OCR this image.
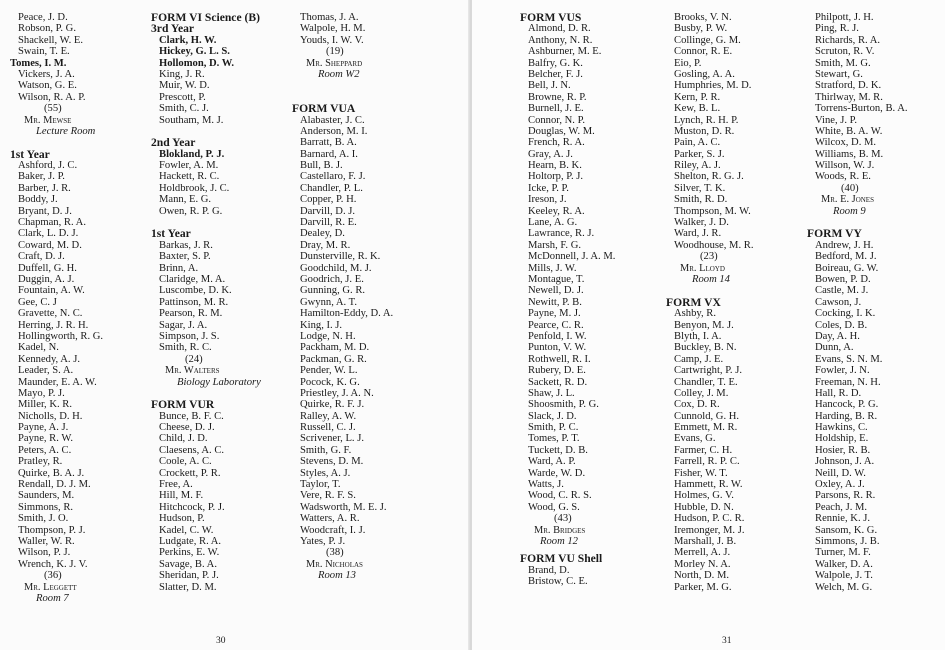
Peace, J. D.
Robson, P. G.
Shackell, W. E.
Swain, T. E.
Tomes, I. M.
Vickers, J. A.
Watson, G. E.
Wilson, R. A. P.
(55)
Mr. Mewse
Lecture Room
1st Year
Ashford, J. C.
Baker, J. P.
Barber, J. R.
Boddy, J.
Bryant, D. J.
Chapman, R. A.
Clark, L. D. J.
Coward, M. D.
Craft, D. J.
Duffell, G. H.
Duggin, A. J.
Fountain, A. W.
Gee, C. J
Gravette, N. C.
Herring, J. R. H.
Hollingworth, R. G.
Kadel, N.
Kennedy, A. J.
Leader, S. A.
Maunder, E. A. W.
Mayo, P. J.
Miller, K. R.
Nicholls, D. H.
Payne, A. J.
Payne, R. W.
Peters, A. C.
Pratley, R.
Quirke, B. A. J.
Rendall, D. J. M.
Saunders, M.
Simmons, R.
Smith, J. O.
Thompson, P. J.
Waller, W. R.
Wilson, P. J.
Wrench, K. J. V.
(36)
Mr. Leggett
Room 7
FORM VI Science (B)
3rd Year
Clark, H. W.
Hickey, G. L. S.
Hollomon, D. W.
King, J. R.
Muir, W. D.
Prescott, P.
Smith, C. J.
Southam, M. J.
2nd Year
Blokland, P. J.
Fowler, A. M.
Hackett, R. C.
Holdbrook, J. C.
Mann, E. G.
Owen, R. P. G.
1st Year
Barkas, J. R.
Baxter, S. P.
Brinn, A.
Claridge, M. A.
Luscombe, D. K.
Pattinson, M. R.
Pearson, R. M.
Sagar, J. A.
Simpson, J. S.
Smith, R. C.
(24)
Mr. Walters
Biology Laboratory
FORM VUR
Bunce, B. F. C.
Cheese, D. J.
Child, J. D.
Claesens, A. C.
Coole, A. C.
Crockett, P. R.
Free, A.
Hill, M. F.
Hitchcock, P. J.
Hudson, P.
Kadel, C. W.
Ludgate, R. A.
Perkins, E. W.
Savage, B. A.
Sheridan, P. J.
Slatter, D. M.
Thomas, J. A.
Walpole, H. M.
Youds, I. W. V.
(19)
Mr. Sheppard
Room W2
FORM VUA
Alabaster, J. C.
Anderson, M. I.
Barratt, B. A.
Barnard, A. I.
Bull, B. J.
Castellaro, F. J.
Chandler, P. L.
Copper, P. H.
Darvill, D. J.
Darvill, R. E.
Dealey, D.
Dray, M. R.
Dunsterville, R. K.
Goodchild, M. J.
Goodrich, J. E.
Gunning, G. R.
Gwynn, A. T.
Hamilton-Eddy, D. A.
King, I. J.
Lodge, N. H.
Packham, M. D.
Packman, G. R.
Pender, W. L.
Pocock, K. G.
Priestley, J. A. N.
Quirke, R. F. J.
Ralley, A. W.
Russell, C. J.
Scrivener, L. J.
Smith, G. F.
Stevens, D. M.
Styles, A. J.
Taylor, T.
Vere, R. F. S.
Wadsworth, M. E. J.
Watters, A. R.
Woodcraft, I. J.
Yates, P. J.
(38)
Mr. Nicholas
Room 13
30
FORM VUS
Almond, D. R.
Anthony, N. R.
Ashburner, M. E.
Balfry, G. K.
Belcher, F. J.
Bell, J. N.
Browne, R. P.
Burnell, J. E.
Connor, N. P.
Douglas, W. M.
French, R. A.
Gray, A. J.
Hearn, B. K.
Holtorp, P. J.
Icke, P. P.
Ireson, J.
Keeley, R. A.
Lane, A. G.
Lawrance, R. J.
Marsh, F. G.
McDonnell, J. A. M.
Mills, J. W.
Montague, T.
Newell, D. J.
Newitt, P. B.
Payne, M. J.
Pearce, C. R.
Penfold, I. W.
Punton, V. W.
Rothwell, R. I.
Rubery, D. E.
Sackett, R. D.
Shaw, J. L.
Shoosmith, P. G.
Slack, J. D.
Smith, P. C.
Tomes, P. T.
Tuckett, D. B.
Ward, A. P.
Warde, W. D.
Watts, J.
Wood, C. R. S.
Wood, G. S.
(43)
Mr. Bridges
Room 12
FORM VU Shell
Brand, D.
Bristow, C. E.
Brooks, V. N.
Busby, P. W.
Collinge, G. M.
Connor, R. E.
Eio, P.
Gosling, A. A.
Humphries, M. D.
Kern, P. R.
Kew, B. L.
Lynch, R. H. P.
Muston, D. R.
Pain, A. C.
Parker, S. J.
Riley, A. J.
Shelton, R. G. J.
Silver, T. K.
Smith, R. D.
Thompson, M. W.
Walker, J. D.
Ward, J. R.
Woodhouse, M. R.
(23)
Mr. Lloyd
Room 14
FORM VX
Ashby, R.
Benyon, M. J.
Blyth, I. A.
Buckley, B. N.
Camp, J. E.
Cartwright, P. J.
Chandler, T. E.
Colley, J. M.
Cox, D. R.
Cunnold, G. H.
Emmett, M. R.
Evans, G.
Farmer, C. H.
Farrell, R. P. C.
Fisher, W. T.
Hammett, R. W.
Holmes, G. V.
Hubble, D. N.
Hudson, P. C. R.
Iremonger, M. J.
Marshall, J. B.
Merrell, A. J.
Morley N. A.
North, D. M.
Parker, M. G.
Philpott, J. H.
Ping, R. J.
Richards, R. A.
Scruton, R. V.
Smith, M. G.
Stewart, G.
Stratford, D. K.
Thirlway, M. R.
Torrens-Burton, B. A.
Vine, J. P.
White, B. A. W.
Wilcox, D. M.
Williams, B. M.
Willson, W. J.
Woods, R. E.
(40)
Mr. E. Jones
Room 9
FORM VY
Andrew, J. H.
Bedford, M. J.
Boireau, G. W.
Bowen, P. D.
Castle, M. J.
Cawson, J.
Cocking, I. K.
Coles, D. B.
Day, A. H.
Dunn, A.
Evans, S. N. M.
Fowler, J. N.
Freeman, N. H.
Hall, R. D.
Hancock, P. G.
Harding, B. R.
Hawkins, C.
Holdship, E.
Hosier, R. B.
Johnson, J. A.
Neill, D. W.
Oxley, A. J.
Parsons, R. R.
Peach, J. M.
Rennie, K. J.
Sansom, K. G.
Simmons, J. B.
Turner, M. F.
Walker, D. A.
Walpole, J. T.
Welch, M. G.
31
